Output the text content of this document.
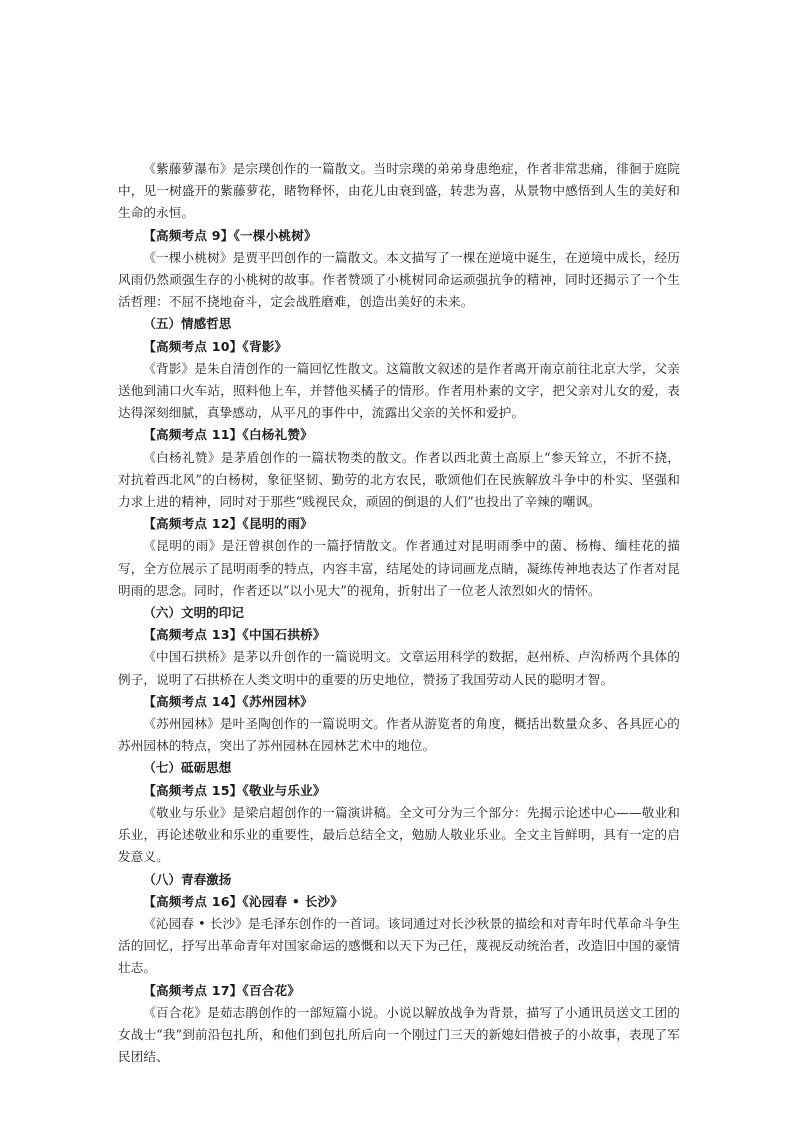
《紫藤萝瀑布》是宗璞创作的一篇散文。当时宗璞的弟弟身患绝症，作者非常悲痛，徘徊于庭院中，见一树盛开的紫藤萝花，睹物释怀，由花儿由衰到盛，转悲为喜，从景物中感悟到人生的美好和生命的永恒。

【高频考点 9】《一棵小桃树》

《一棵小桃树》是贾平凹创作的一篇散文。本文描写了一棵在逆境中诞生，在逆境中成长，经历风雨仍然顽强生存的小桃树的故事。作者赞颂了小桃树同命运顽强抗争的精神，同时还揭示了一个生活哲理：不屈不挠地奋斗，定会战胜磨难，创造出美好的未来。

（五）情感哲思

【高频考点 10】《背影》

《背影》是朱自清创作的一篇回忆性散文。这篇散文叙述的是作者离开南京前往北京大学，父亲送他到浦口火车站，照料他上车，并替他买橘子的情形。作者用朴素的文字，把父亲对儿女的爱，表达得深刻细腻，真挚感动，从平凡的事件中，流露出父亲的关怀和爱护。

【高频考点 11】《白杨礼赞》

《白杨礼赞》是茅盾创作的一篇状物类的散文。作者以西北黄土高原上“参天耸立，不折不挠，对抗着西北风”的白杨树，象征坚韧、勤劳的北方农民，歌颂他们在民族解放斗争中的朴实、坚强和力求上进的精神，同时对于那些“贱视民众，顽固的倒退的人们”也投出了辛辣的嘲讽。

【高频考点 12】《昆明的雨》

《昆明的雨》是汪曾祺创作的一篇抒情散文。作者通过对昆明雨季中的菌、杨梅、缅桂花的描写，全方位展示了昆明雨季的特点，内容丰富，结尾处的诗词画龙点睛，凝练传神地表达了作者对昆明雨的思念。同时，作者还以“以小见大”的视角，折射出了一位老人浓烈如火的情怀。

（六）文明的印记

【高频考点 13】《中国石拱桥》

《中国石拱桥》是茅以升创作的一篇说明文。文章运用科学的数据，赵州桥、卢沟桥两个具体的例子，说明了石拱桥在人类文明中的重要的历史地位，赞扬了我国劳动人民的聪明才智。

【高频考点 14】《苏州园林》

《苏州园林》是叶圣陶创作的一篇说明文。作者从游览者的角度，概括出数量众多、各具匠心的苏州园林的特点，突出了苏州园林在园林艺术中的地位。

（七）砥砺思想

【高频考点 15】《敬业与乐业》

《敬业与乐业》是梁启超创作的一篇演讲稿。全文可分为三个部分：先揭示论述中心——敬业和乐业，再论述敬业和乐业的重要性，最后总结全文，勉励人敬业乐业。全文主旨鲜明，具有一定的启发意义。

（八）青春激扬

【高频考点 16】《沁园春 • 长沙》

《沁园春 • 长沙》是毛泽东创作的一首词。该词通过对长沙秋景的描绘和对青年时代革命斗争生活的回忆，抒写出革命青年对国家命运的感慨和以天下为己任，蔑视反动统治者，改造旧中国的豪情壮志。

【高频考点 17】《百合花》

《百合花》是茹志鹃创作的一部短篇小说。小说以解放战争为背景，描写了小通讯员送文工团的女战士“我”到前沿包扎所，和他们到包扎所后向一个刚过门三天的新媳妇借被子的小故事，表现了军民团结、
